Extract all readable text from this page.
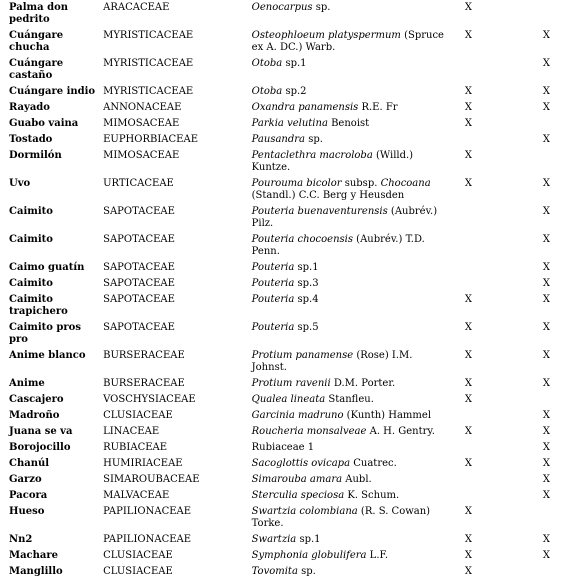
Palma don pedrito	ARACACEAE	Oenocarpus sp.	X	
Cuángare chucha	MYRISTICACEAE	Osteophloeum platyspermum (Spruce ex A. DC.) Warb.	X	X
Cuángare castaño	MYRISTICACEAE	Otoba sp.1		X
Cuángare indio	MYRISTICACEAE	Otoba sp.2	X	X
Rayado	ANNONACEAE	Oxandra panamensis R.E. Fr	X	X
Guabo vaina	MIMOSACEAE	Parkia velutina Benoist	X	
Tostado	EUPHORBIACEAE	Pausandra sp.		X
Dormilón	MIMOSACEAE	Pentaclethra macroloba (Willd.) Kuntze.	X	
Uvo	URTICACEAE	Pourouma bicolor subsp. Chocoana (Standl.) C.C. Berg y Heusden	X	X
Caimito	SAPOTACEAE	Pouteria buenaventurensis (Aubrév.) Pilz.		X
Caimito	SAPOTACEAE	Pouteria chocoensis (Aubrév.) T.D. Penn.		X
Caimo guatín	SAPOTACEAE	Pouteria sp.1		X
Caimito	SAPOTACEAE	Pouteria sp.3		X
Caimito trapichero	SAPOTACEAE	Pouteria sp.4	X	X
Caimito pros pro	SAPOTACEAE	Pouteria sp.5	X	X
Anime blanco	BURSERACEAE	Protium panamense (Rose) I.M. Johnst.	X	X
Anime	BURSERACEAE	Protium ravenii D.M. Porter.	X	X
Cascajero	VOSCHYSIACEAE	Qualea lineata Stanfleu.	X	
Madroño	CLUSIACEAE	Garcinia madruno (Kunth) Hammel		X
Juana se va	LINACEAE	Roucheria monsalveae A. H. Gentry.	X	X
Borojocillo	RUBIACEAE	Rubiaceae 1		X
Chanúl	HUMIRIACEAE	Sacoglottis ovicapa Cuatrec.	X	X
Garzo	SIMAROUBACEAE	Simarouba amara Aubl.		X
Pacora	MALVACEAE	Sterculia speciosa K. Schum.		X
Hueso	PAPILIONACEAE	Swartzia colombiana (R. S. Cowan) Torke.	X	
Nn2	PAPILIONACEAE	Swartzia sp.1	X	X
Machare	CLUSIACEAE	Symphonia globulifera L.F.	X	X
Manglillo	CLUSIACEAE	Tovomita sp.	X	
